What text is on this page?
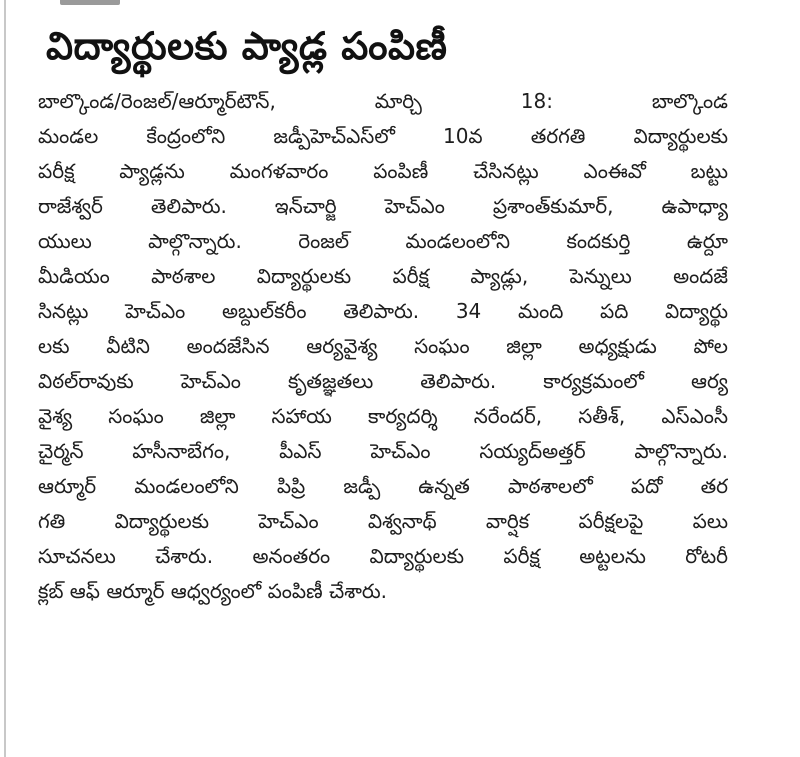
విద్యార్థులకు ప్యాడ్ల పంపిణీ
బాల్కొండ/రెంజల్/ఆర్మూర్‌టౌన్, మార్చి 18: బాల్కొండ
మండల కేంద్రంలోని జడ్పీహెచ్ఎస్‌లో 10వ తరగతి విద్యార్థులకు
పరీక్ష ప్యాడ్లను మంగళవారం పంపిణీ చేసినట్లు ఎంఈవో బట్టు
రాజేశ్వర్ తెలిపారు. ఇన్‌చార్జి హెచ్ఎం ప్రశాంత్‌కుమార్, ఉపాధ్యా
యులు పాల్గొన్నారు. రెంజల్ మండలంలోని కందకుర్తి ఉర్దూ
మీడియం పాఠశాల విద్యార్థులకు పరీక్ష ప్యాడ్లు, పెన్నులు అందజే
సినట్లు హెచ్ఎం అబ్దుల్‌కరీం తెలిపారు. 34 మంది పది విద్యార్థు
లకు వీటిని అందజేసిన ఆర్యవైశ్య సంఘం జిల్లా అధ్యక్షుడు పోల
విఠల్‌రావుకు హెచ్ఎం కృతజ్ఞతలు తెలిపారు. కార్యక్రమంలో ఆర్య
వైశ్య సంఘం జిల్లా సహాయ కార్యదర్శి నరేందర్, సతీశ్, ఎస్ఎంసీ
చైర్మన్ హసీనాబేగం, పీఎస్ హెచ్ఎం సయ్యద్‌అత్తర్ పాల్గొన్నారు.
ఆర్మూర్ మండలంలోని పిప్రి జడ్పీ ఉన్నత పాఠశాలలో పదో తర
గతి విద్యార్థులకు హెచ్ఎం విశ్వనాథ్ వార్షిక పరీక్షలపై పలు
సూచనలు చేశారు. అనంతరం విద్యార్థులకు పరీక్ష అట్టలను రోటరీ
క్లబ్ ఆఫ్ ఆర్మూర్ ఆధ్వర్యంలో పంపిణీ చేశారు.
